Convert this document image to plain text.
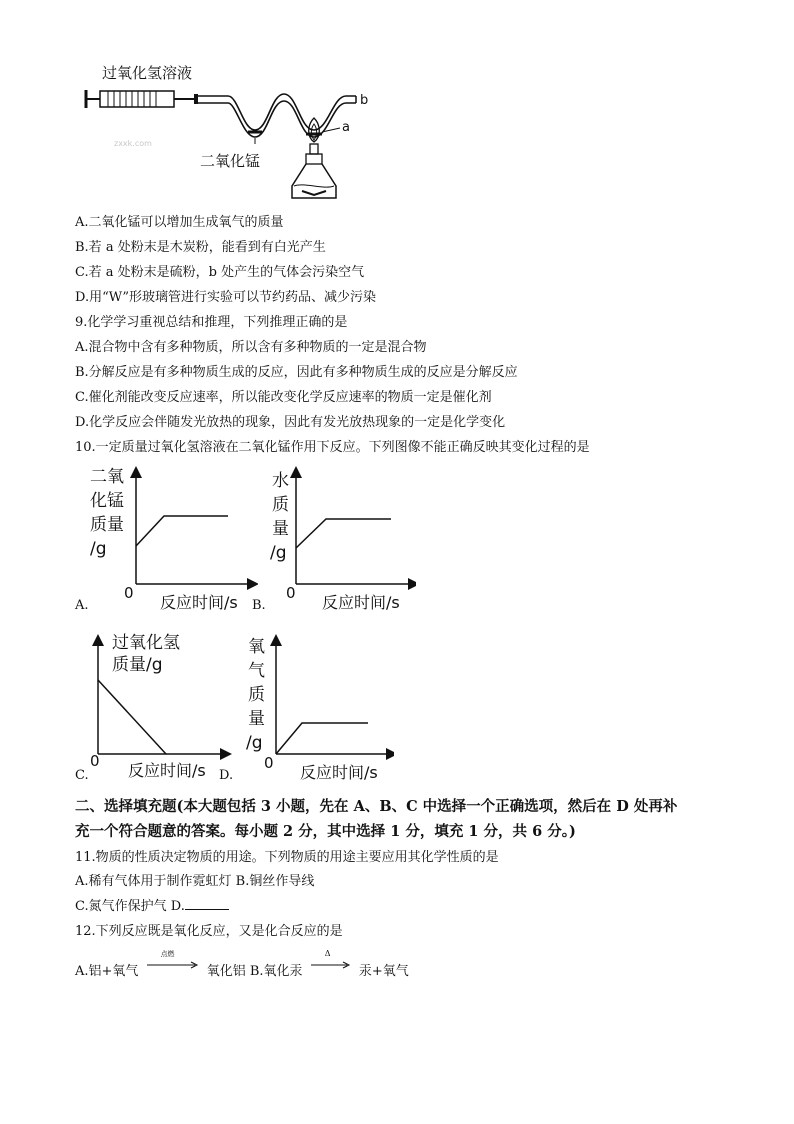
过氧化氢溶液
二氧化锰
a
b
zxxk.com
A.二氧化锰可以增加生成氧气的质量
B.若 a 处粉末是木炭粉，能看到有白光产生
C.若 a 处粉末是硫粉，b 处产生的气体会污染空气
D.用“W”形玻璃管进行实验可以节约药品、减少污染
9.化学学习重视总结和推理，下列推理正确的是
A.混合物中含有多种物质，所以含有多种物质的一定是混合物
B.分解反应是有多种物质生成的反应，因此有多种物质生成的反应是分解反应
C.催化剂能改变反应速率，所以能改变化学反应速率的物质一定是催化剂
D.化学反应会伴随发光放热的现象，因此有发光放热现象的一定是化学变化
10.一定质量过氧化氢溶液在二氧化锰作用下反应。下列图像不能正确反映其变化过程的是
二氧
化锰
质量
/g
0 反应时间/s
A.
水
质
量
/g
0 反应时间/s
B.
过氧化氢
质量/g
0 反应时间/s
C.
氧
气
质
量
/g
0 反应时间/s
D.
二、选择填充题(本大题包括 3 小题，先在 A、B、C 中选择一个正确选项，然后在 D 处再补
充一个符合题意的答案。每小题 2 分，其中选择 1 分，填充 1 分，共 6 分。)
11.物质的性质决定物质的用途。下列物质的用途主要应用其化学性质的是
A.稀有气体用于制作霓虹灯 B.铜丝作导线
C.氮气作保护气 D.
12.下列反应既是氧化反应，又是化合反应的是
A.铝+氧气
点燃
氧化铝 B.氧化汞
Δ
汞+氧气
